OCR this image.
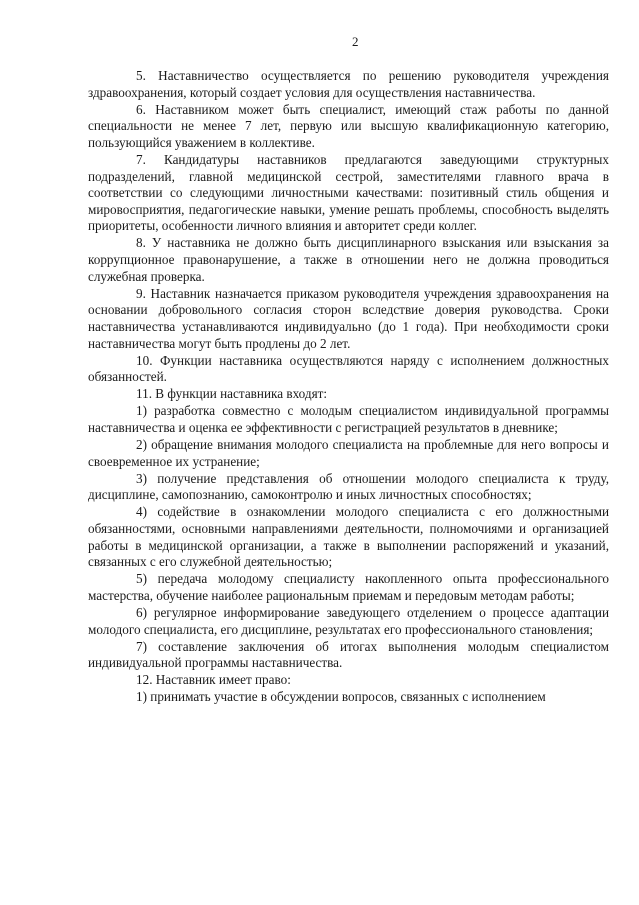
2

5. Наставничество осуществляется по решению руководителя учреждения здравоохранения, который создает условия для осуществления наставничества.

6. Наставником может быть специалист, имеющий стаж работы по данной специальности не менее 7 лет, первую или высшую квалификационную категорию, пользующийся уважением в коллективе.

7. Кандидатуры наставников предлагаются заведующими структурных подразделений, главной медицинской сестрой, заместителями главного врача в соответствии со следующими личностными качествами: позитивный стиль общения и мировосприятия, педагогические навыки, умение решать проблемы, способность выделять приоритеты, особенности личного влияния и авторитет среди коллег.

8. У наставника не должно быть дисциплинарного взыскания или взыскания за коррупционное правонарушение, а также в отношении него не должна проводиться служебная проверка.

9. Наставник назначается приказом руководителя учреждения здравоохранения на основании добровольного согласия сторон вследствие доверия руководства. Сроки наставничества устанавливаются индивидуально (до 1 года). При необходимости сроки наставничества могут быть продлены до 2 лет.

10. Функции наставника осуществляются наряду с исполнением должностных обязанностей.

11. В функции наставника входят:

1) разработка совместно с молодым специалистом индивидуальной программы наставничества и оценка ее эффективности с регистрацией результатов в дневнике;

2) обращение внимания молодого специалиста на проблемные для него вопросы и своевременное их устранение;

3) получение представления об отношении молодого специалиста к труду, дисциплине, самопознанию, самоконтролю и иных личностных способностях;

4) содействие в ознакомлении молодого специалиста с его должностными обязанностями, основными направлениями деятельности, полномочиями и организацией работы в медицинской организации, а также в выполнении распоряжений и указаний, связанных с его служебной деятельностью;

5) передача молодому специалисту накопленного опыта профессионального мастерства, обучение наиболее рациональным приемам и передовым методам работы;

6) регулярное информирование заведующего отделением о процессе адаптации молодого специалиста, его дисциплине, результатах его профессионального становления;

7) составление заключения об итогах выполнения молодым специалистом индивидуальной программы наставничества.

12. Наставник имеет право:

1) принимать участие в обсуждении вопросов, связанных с исполнением
